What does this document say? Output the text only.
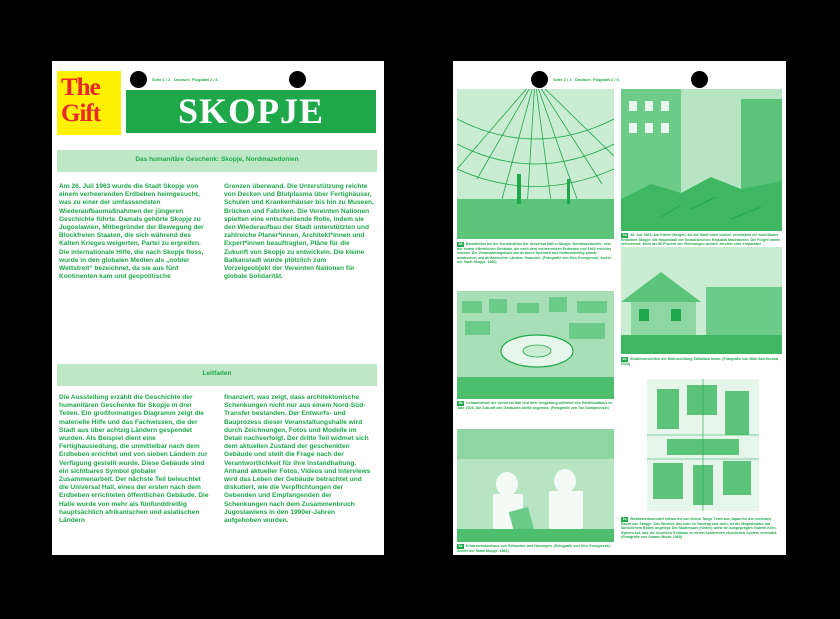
The
Gift
Seite 1 / 2 Deutsch Flugblatt 2 / 6
SKOPJE
Das humanitäre Geschenk: Skopje, Nordmazedonien
Am 26. Juli 1963 wurde die Stadt Skopje von einem verheerenden Erdbeben heimgesucht, was zu einer der umfassendsten Wiederaufbaumaßnahmen der jüngeren Geschichte führte. Damals gehörte Skopje zu Jugoslawien, Mitbegründer der Bewegung der Blockfreien Staaten, die sich während des Kalten Krieges weigerten, Partei zu ergreifen. Die internationale Hilfe, die nach Skopje floss, wurde in den globalen Medien als „nobler Wettstreit“ bezeichnet, da sie aus fünf Kontinenten kam und geopolitische
Grenzen überwand. Die Unterstützung reichte von Decken und Blutplasma über Fertighäuser, Schulen und Krankenhäuser bis hin zu Museen, Brücken und Fabriken. Die Vereinten Nationen spielten eine entscheidende Rolle, indem sie den Wiederaufbau der Stadt unterstützten und zahlreiche Planer*innen, Architekt*innen und Expert*innen beauftragten, Pläne für die Zukunft von Skopje zu entwickeln. Die kleine Balkanstadt wurde plötzlich zum Vorzeigeobjekt der Vereinten Nationen für globale Solidarität.
Leitfaden
Die Ausstellung erzählt die Geschichte der humanitären Geschenke für Skopje in drei Teilen. Ein großformatiges Diagramm zeigt die materielle Hilfe und das Fachwissen, die der Stadt aus über achtzig Ländern gespendet wurden. Als Beispiel dient eine Fertighausiedlung, die unmittelbar nach dem Erdbeben errichtet und von sieben Ländern zur Verfügung gestellt wurde. Diese Gebäude sind ein sichtbares Symbol globaler Zusammenarbeit. Der nächste Teil beleuchtet die Universal Hall, eines der ersten nach dem Erdbeben errichteten öffentlichen Gebäude. Die Halle wurde von mehr als fünfunddreißig hauptsächlich afrikanischen und asiatischen Ländern
finanziert, was zeigt, dass architektonische Schenkungen nicht nur aus einem Nord-Süd-Transfer bestanden. Der Entwurfs- und Bauprozess dieser Veranstaltungshalle wird durch Zeichnungen, Fotos und Modelle im Detail nachverfolgt. Der dritte Teil widmet sich dem aktuellen Zustand der geschenkten Gebäude und stellt die Frage nach der Verantwortlichkeit für ihre Instandhaltung. Anhand aktueller Fotos, Videos und Interviews wird das Leben der Gebäude betrachtet und diskutiert, wie die Verpflichtungen der Gebenden und Empfangenden der Schenkungen nach dem Zusammenbruch Jugoslawiens in den 1990er-Jahren aufgehoben wurden.
Seite 2 / 2 Deutsch Flugblatt 2 / 6
3a Bauarbeiter bei der Konstruktion der Universal Hall in Skopje, Nordmazedonien, eine der ersten öffentlichen Gebäude, die nach dem verheerenden Erdbeben von 1963 errichtet wurden. Die Veranstaltungshalle wurde durch Spenden aus fünfunddreißig primär asiatischen und afrikanischen Ländern finanziert. (Fotografie von Kiro Georgievski, Archiv der Stadt Skopje, 1966)
3b Luftaufnahme der Universal Hall und ihrer Umgebung während des Wiederaufbaus im Jahr 2023. Die Zukunft des Gebäudes bleibt ungewiss. (Fotografie von Tox Domjanovski)
3c Kinderkrankenhaus von Schweden und Norwegen. (Fotografie von Kiro Georgievski, Archiv der Stadt Skopje, 1964)
1b 26. Juli 1963: Am frühen Morgen, als die Stadt noch schlief, verwüstete ein furchtbares Erdbeben Skopje, die Hauptstadt der Sozialistischen Republik Mazedonien. Die Folgen waren verheerend: Mehr als 80 Prozent der Wohnungen wurden zerstört oder irreparabel
2c Straßenansichten der Wohnsiedlung Taftalidza heute. (Fotografie von Mila Gavrilovska, 2023)
1c Wettbewerbsmodell entworfen von Kenzo Tange Team aus Japan für den zentralen Raum von Skopje: Das Westtor, das man im Vordergrund sieht, ist die Megastruktur auf künstlichem Boden angelegt. Die Stadtmauer (hinten) weist ein ausgeprägtes Galerie-Kern-System auf, das die einzelnen Gebäude zu einem kohärenten räumlichen System verbindet. (Fotografie von Osamu Murai, 1965)
